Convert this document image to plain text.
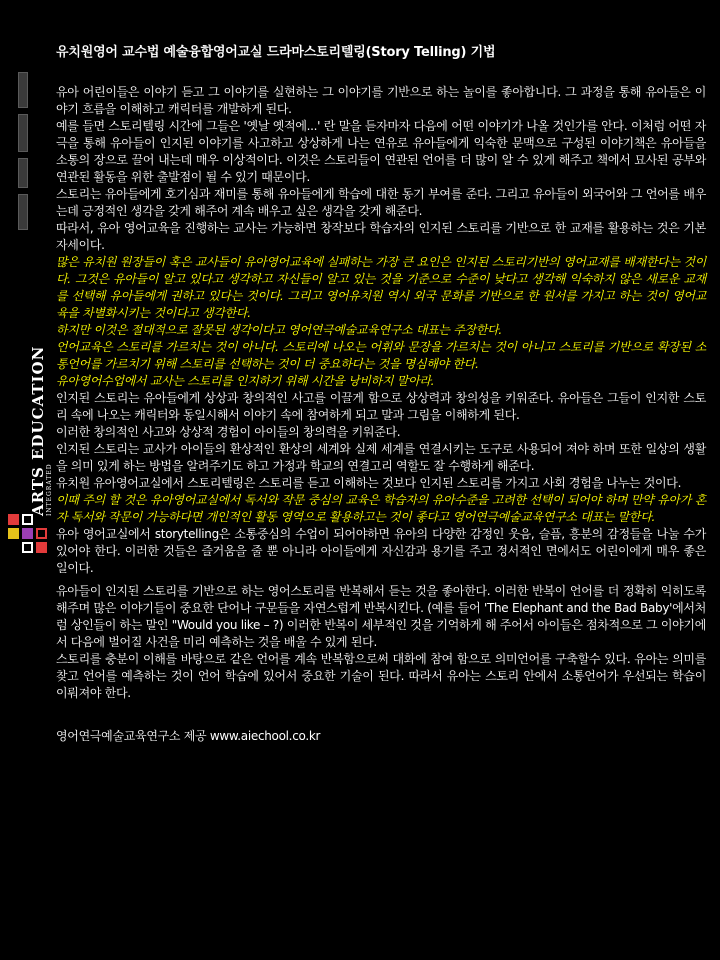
ARTS EDUCATION INTEGRATED
유치원영어 교수법 예술융합영어교실 드라마스토리텔링(Story Telling) 기법

유아 어린이들은 이야기 듣고 그 이야기를 실현하는 그 이야기를 기반으로 하는 놀이를 좋아합니다. 그 과정을 통해 유아들은 이야기 흐름을 이해하고 캐릭터를 개발하게 된다.

예를 들면 스토리텔링 시간에 그들은 '옛날 옛적에...' 란 말을 듣자마자 다음에 어떤 이야기가 나올 것인가를 안다. 이처럼 어떤 자극을 통해 유아들이 인지된 이야기를 사고하고 상상하게 나는 연유로 유아들에게 익숙한 문맥으로 구성된 이야기책은 유아들을 소통의 장으로 끌어 내는데 매우 이상적이다. 이것은 스토리들이 연관된 언어를 더 많이 알 수 있게 해주고 책에서 묘사된 공부와 연관된 활동을 위한 출발점이 될 수 있기 때문이다.

스토리는 유아들에게 호기심과 재미를 통해 유아들에게 학습에 대한 동기 부여를 준다. 그리고 유아들이 외국어와 그 언어를 배우는데 긍정적인 생각을 갖게 해주어 계속 배우고 싶은 생각을 갖게 해준다.

따라서, 유아 영어교육을 진행하는 교사는 가능하면 창작보다 학습자의 인지된 스토리를 기반으로 한 교재를 활용하는 것은 기본 자세이다.

많은 유치원 원장들이 혹은 교사들이 유아영어교육에 실패하는 가장 큰 요인은 인지된 스토리기반의 영어교재를 배재한다는 것이다. 그것은 유아들이 알고 있다고 생각하고 자신들이 알고 있는 것을 기준으로 수준이 낮다고 생각해 익숙하지 않은 새로운 교재를 선택해 유아들에게 권하고 있다는 것이다. 그리고 영어유치원 역시 외국 문화를 기반으로 한 원서를 가지고 하는 것이 영어교육을 차별화시키는 것이다고 생각한다.

하지만 이것은 절대적으로 잘못된 생각이다고 영어연극예술교육연구소 대표는 주장한다.

언어교육은 스토리를 가르치는 것이 아니다. 스토리에 나오는 어휘와 문장을 가르치는 것이 아니고 스토리를 기반으로 확장된 소통언어를 가르치기 위해 스토리를 선택하는 것이 더 중요하다는 것을 명심해야 한다.

유아영어수업에서 교사는 스토리를 인지하기 위해 시간을 낭비하지 말아라.

인지된 스토리는 유아들에게 상상과 창의적인 사고를 이끌게 함으로 상상력과 창의성을 키워준다. 유아들은 그들이 인지한 스토리 속에 나오는 캐릭터와 동일시해서 이야기 속에 참여하게 되고 말과 그림을 이해하게 된다.

이러한 창의적인 사고와 상상적 경험이 아이들의 창의력을 키워준다.

인지된 스토리는 교사가 아이들의 환상적인 환상의 세계와 실제 세계를 연결시키는 도구로 사용되어 져야 하며 또한 일상의 생활을 의미 있게 하는 방법을 알려주기도 하고 가정과 학교의 연결고리 역할도 잘 수행하게 해준다.

유치원 유아영어교실에서 스토리텔링은 스토리를 듣고 이해하는 것보다 인지된 스토리를 가지고 사회 경험을 나누는 것이다.

이때 주의 할 것은 유아영어교실에서 독서와 작문 중심의 교육은 학습자의 유아수준을 고려한 선택이 되어야 하며 만약 유아가 혼자 독서와 작문이 가능하다면 개인적인 활동 영역으로 활용하고는 것이 좋다고 영어연극예술교육연구소 대표는 말한다.

유아 영어교실에서 storytelling은 소통중심의 수업이 되어야하면 유아의 다양한 감정인 웃음, 슬픔, 흥분의 감정들을 나눌 수가 있어야 한다. 이러한 것들은 즐거움을 줄 뿐 아니라 아이들에게 자신감과 용기를 주고 정서적인 면에서도 어린이에게 매우 좋은 일이다.

유아들이 인지된 스토리를 기반으로 하는 영어스토리를 반복해서 듣는 것을 좋아한다. 이러한 반복이 언어를 더 정확히 익히도록 해주며 많은 이야기들이 중요한 단어나 구문들을 자연스럽게 반복시킨다. (예를 들어 'The Elephant and the Bad Baby'에서처럼 상인들이 하는 말인 "Would you like – ?) 이러한 반복이 세부적인 것을 기억하게 해 주어서 아이들은 점차적으로 그 이야기에서 다음에 벌어질 사건을 미리 예측하는 것을 배울 수 있게 된다.

스토리를 충분이 이해를 바탕으로 같은 언어를 계속 반복함으로써 대화에 참여 함으로 의미언어를 구축할수 있다. 유아는 의미를 찾고 언어를 예측하는 것이 언어 학습에 있어서 중요한 기술이 된다. 따라서 유아는 스토리 안에서 소통언어가 우선되는 학습이 이뤄져야 한다.

영어연극예술교육연구소 제공 www.aiechool.co.kr
